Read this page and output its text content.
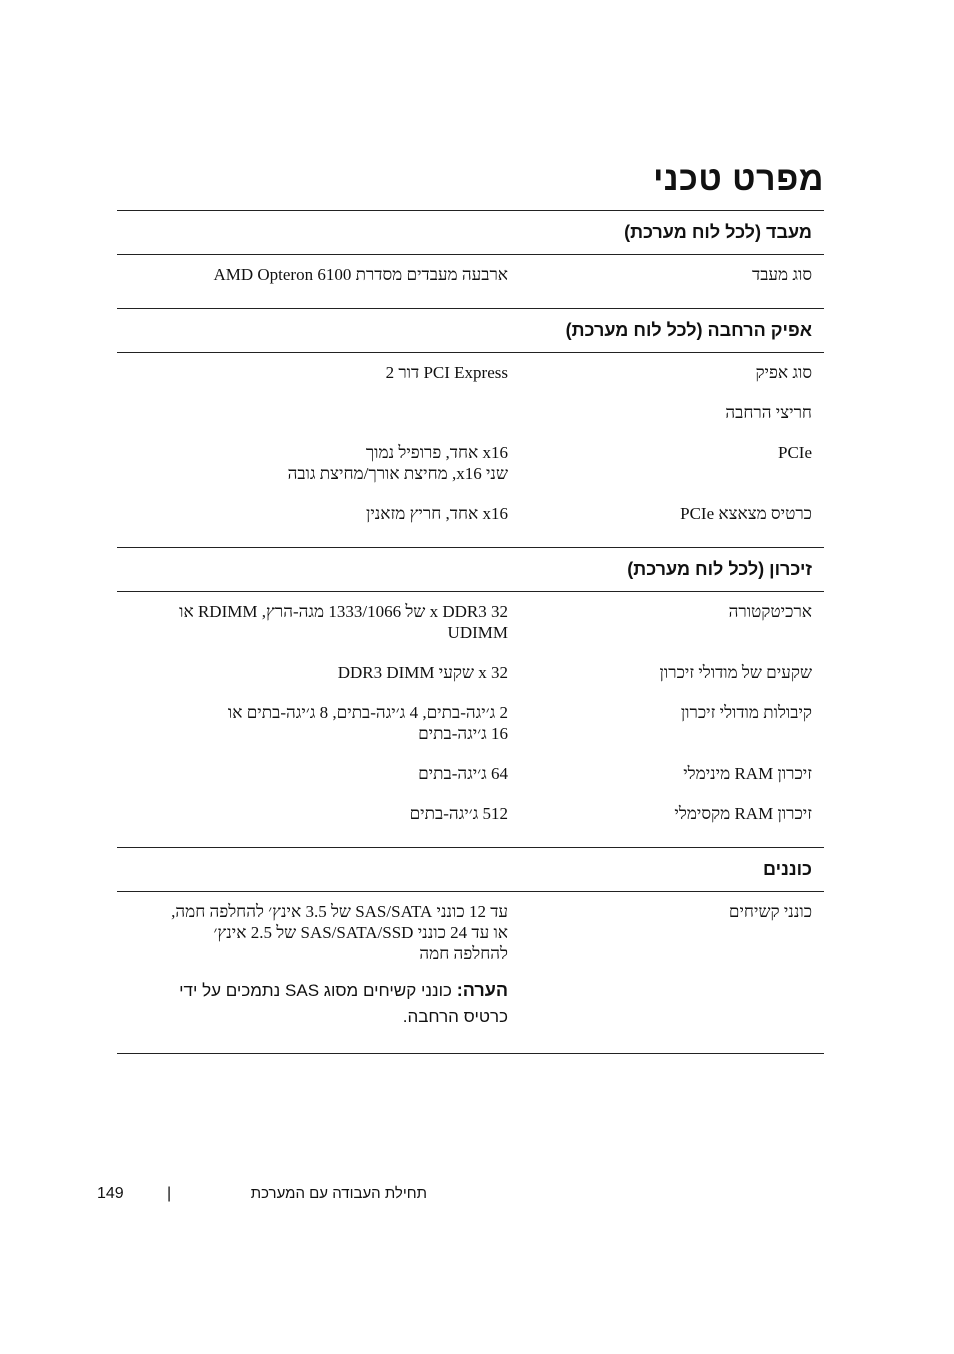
מפרט טכני
מעבד (לכל לוח מערכת)
סוג מעבד
ארבעה מעבדים מסדרת AMD Opteron 6100
אפיק הרחבה (לכל לוח מערכת)
סוג אפיק
PCI Express דור 2
חריצי הרחבה
PCIe
x16 אחד, פרופיל נמוך
שני x16, מחיצת אורך/מחיצת גובה
כרטיס מצאצא PCIe
x16 אחד, חריץ מזאנין
זיכרון (לכל לוח מערכת)
ארכיטקטורה
32 x DDR3 של 1333/1066 מגה-הרץ, RDIMM או
UDIMM
שקעים של מודולי זיכרון
32 x שקעי DDR3 DIMM
קיבולות מודולי זיכרון
2 ג׳יגה-בתים, 4 ג׳יגה-בתים, 8 ג׳יגה-בתים או
16 ג׳יגה-בתים
זיכרון RAM מינימלי
64 ג׳יגה-בתים
זיכרון RAM מקסימלי
512 ג׳יגה-בתים
כוננים
כונני קשיחים
עד 12 כונני SAS/SATA של 3.5 אינץ׳ להחלפה חמה,
או עד 24 כונני SAS/SATA/SSD של 2.5 אינץ׳
להחלפה חמה
הערה: כונני קשיחים מסוג SAS נתמכים על ידי כרטיס הרחבה.
149	|	תחילת העבודה עם המערכת
